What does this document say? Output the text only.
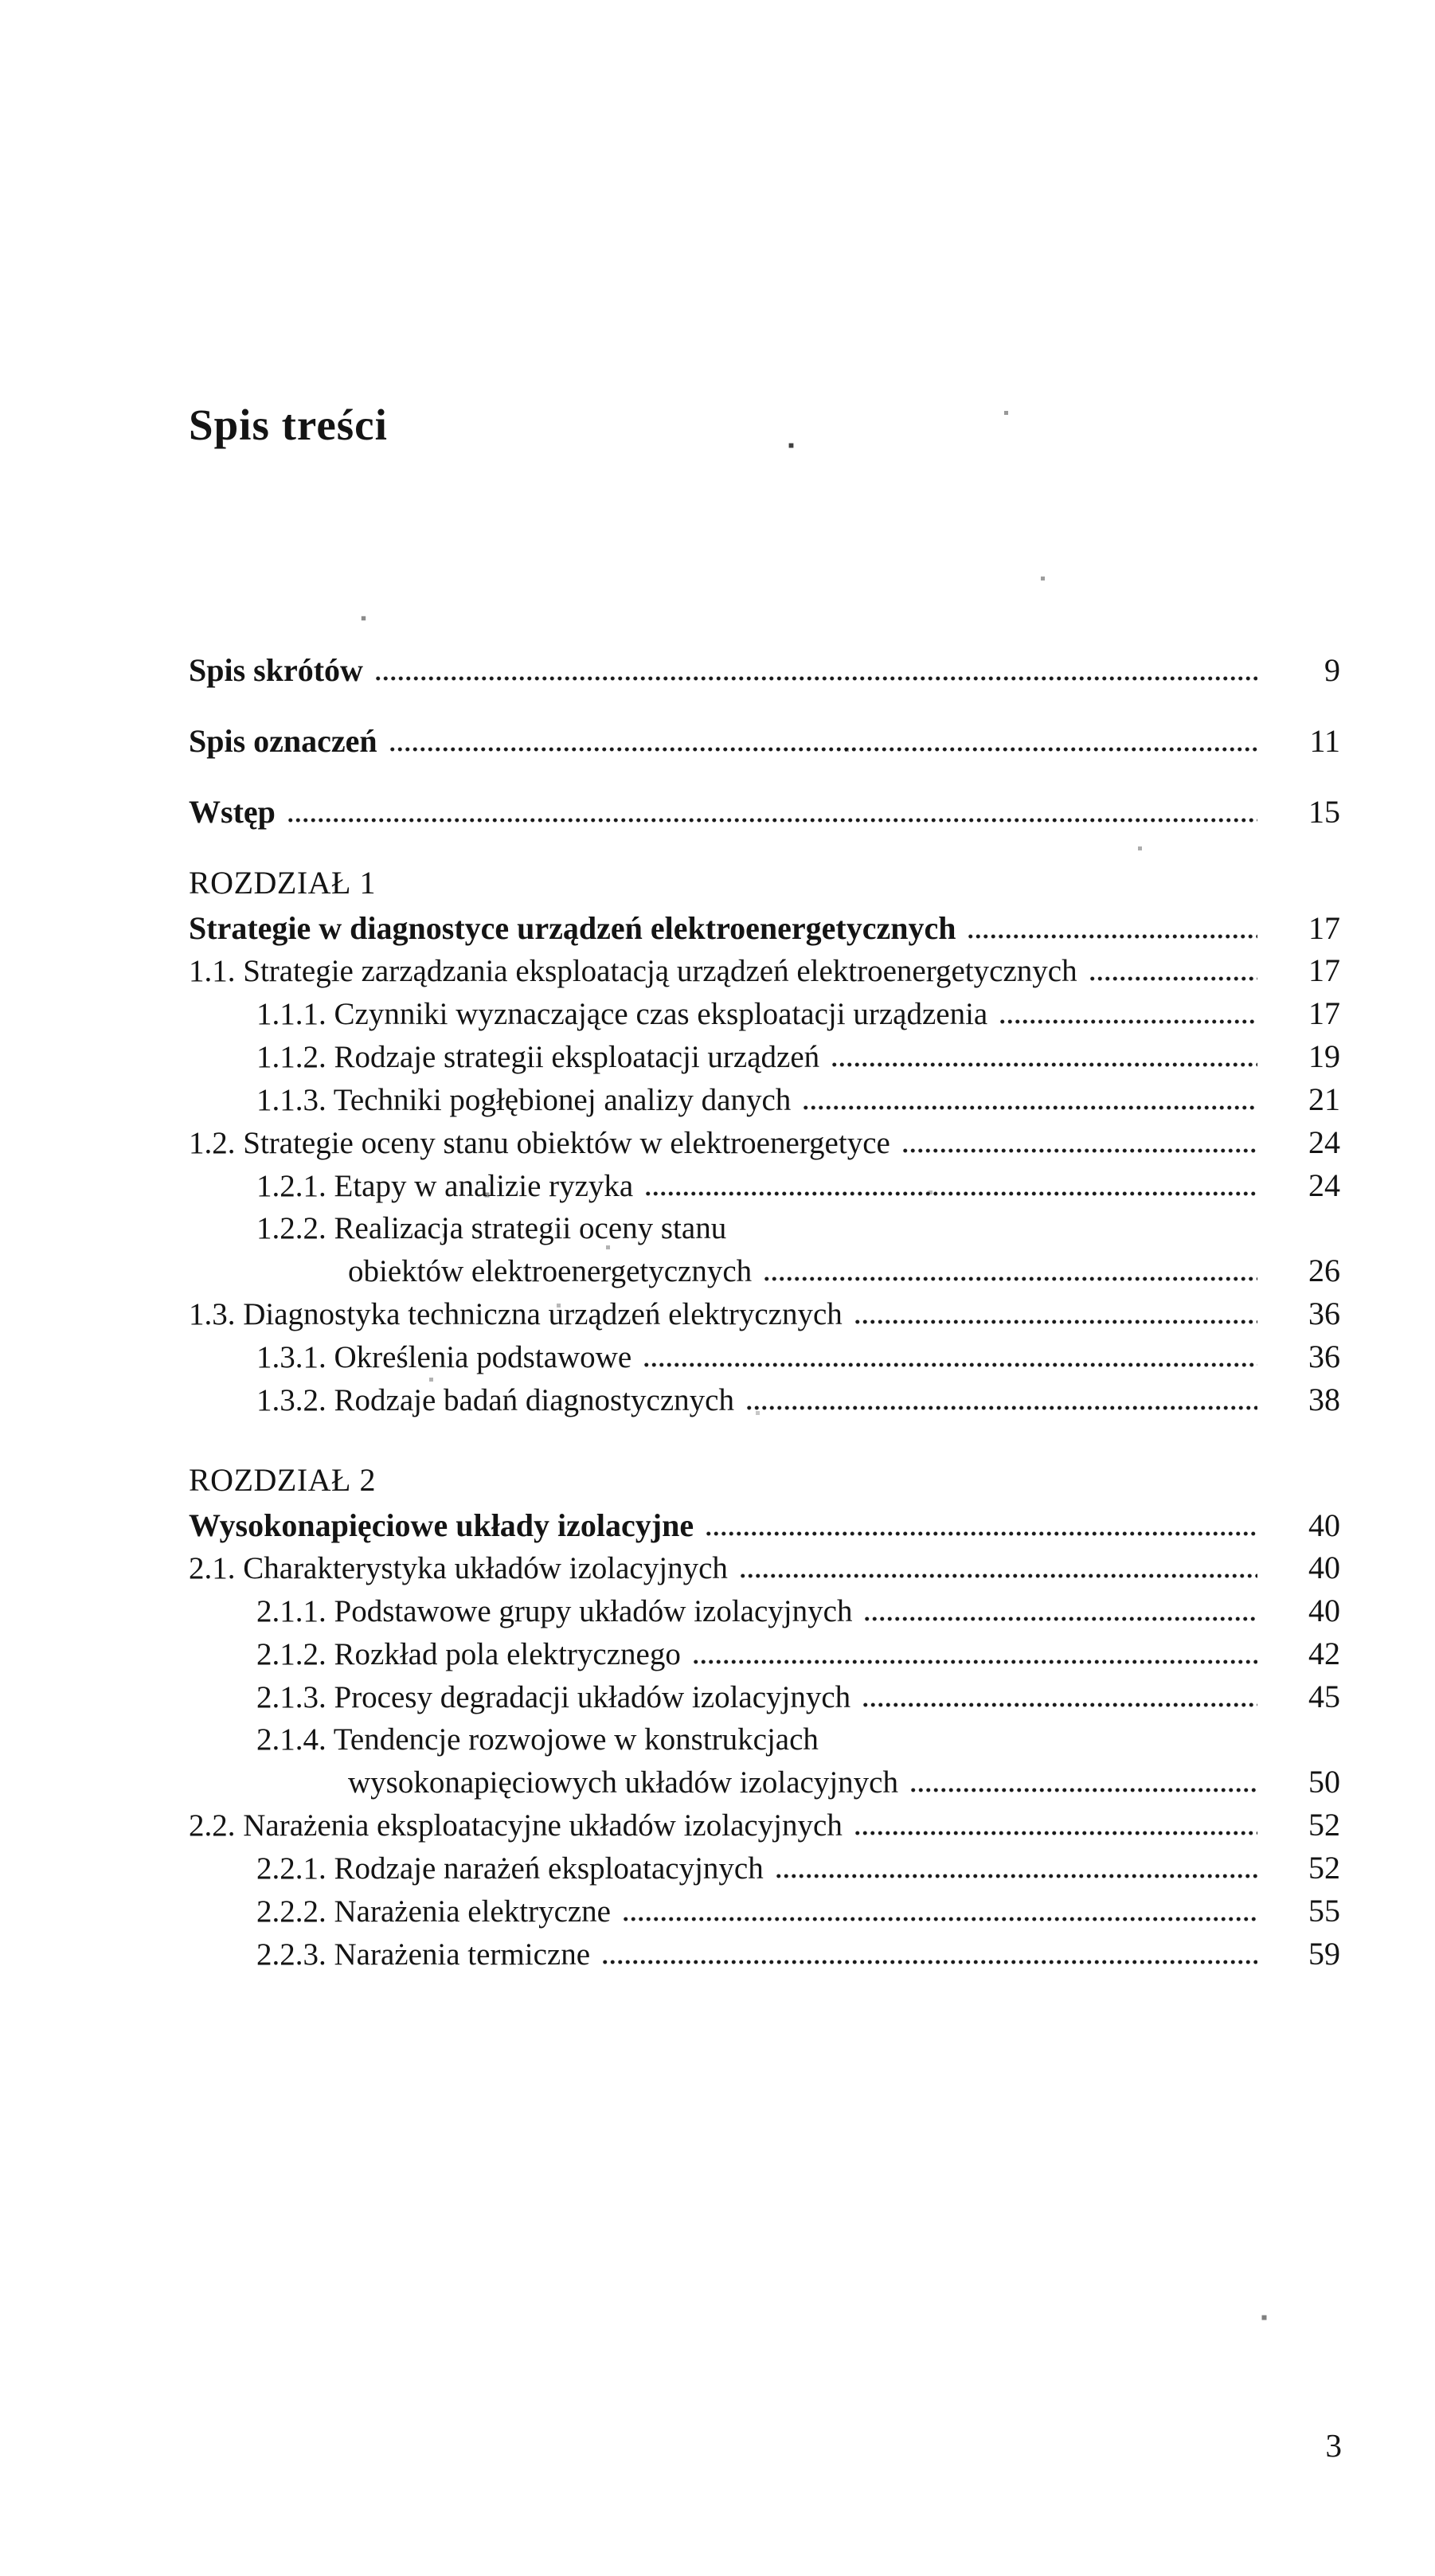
Spis treści
Spis skrótów	9
Spis oznaczeń	11
Wstęp	15
ROZDZIAŁ 1
Strategie w diagnostyce urządzeń elektroenergetycznych	17
1.1. Strategie zarządzania eksploatacją urządzeń elektroenergetycznych	17
1.1.1. Czynniki wyznaczające czas eksploatacji urządzenia	17
1.1.2. Rodzaje strategii eksploatacji urządzeń	19
1.1.3. Techniki pogłębionej analizy danych	21
1.2. Strategie oceny stanu obiektów w elektroenergetyce	24
1.2.1. Etapy w analizie ryzyka	24
1.2.2. Realizacja strategii oceny stanu
obiektów elektroenergetycznych	26
1.3. Diagnostyka techniczna urządzeń elektrycznych	36
1.3.1. Określenia podstawowe	36
1.3.2. Rodzaje badań diagnostycznych	38
ROZDZIAŁ 2
Wysokonapięciowe układy izolacyjne	40
2.1. Charakterystyka układów izolacyjnych	40
2.1.1. Podstawowe grupy układów izolacyjnych	40
2.1.2. Rozkład pola elektrycznego	42
2.1.3. Procesy degradacji układów izolacyjnych	45
2.1.4. Tendencje rozwojowe w konstrukcjach
wysokonapięciowych układów izolacyjnych	50
2.2. Narażenia eksploatacyjne układów izolacyjnych	52
2.2.1. Rodzaje narażeń eksploatacyjnych	52
2.2.2. Narażenia elektryczne	55
2.2.3. Narażenia termiczne	59
3
